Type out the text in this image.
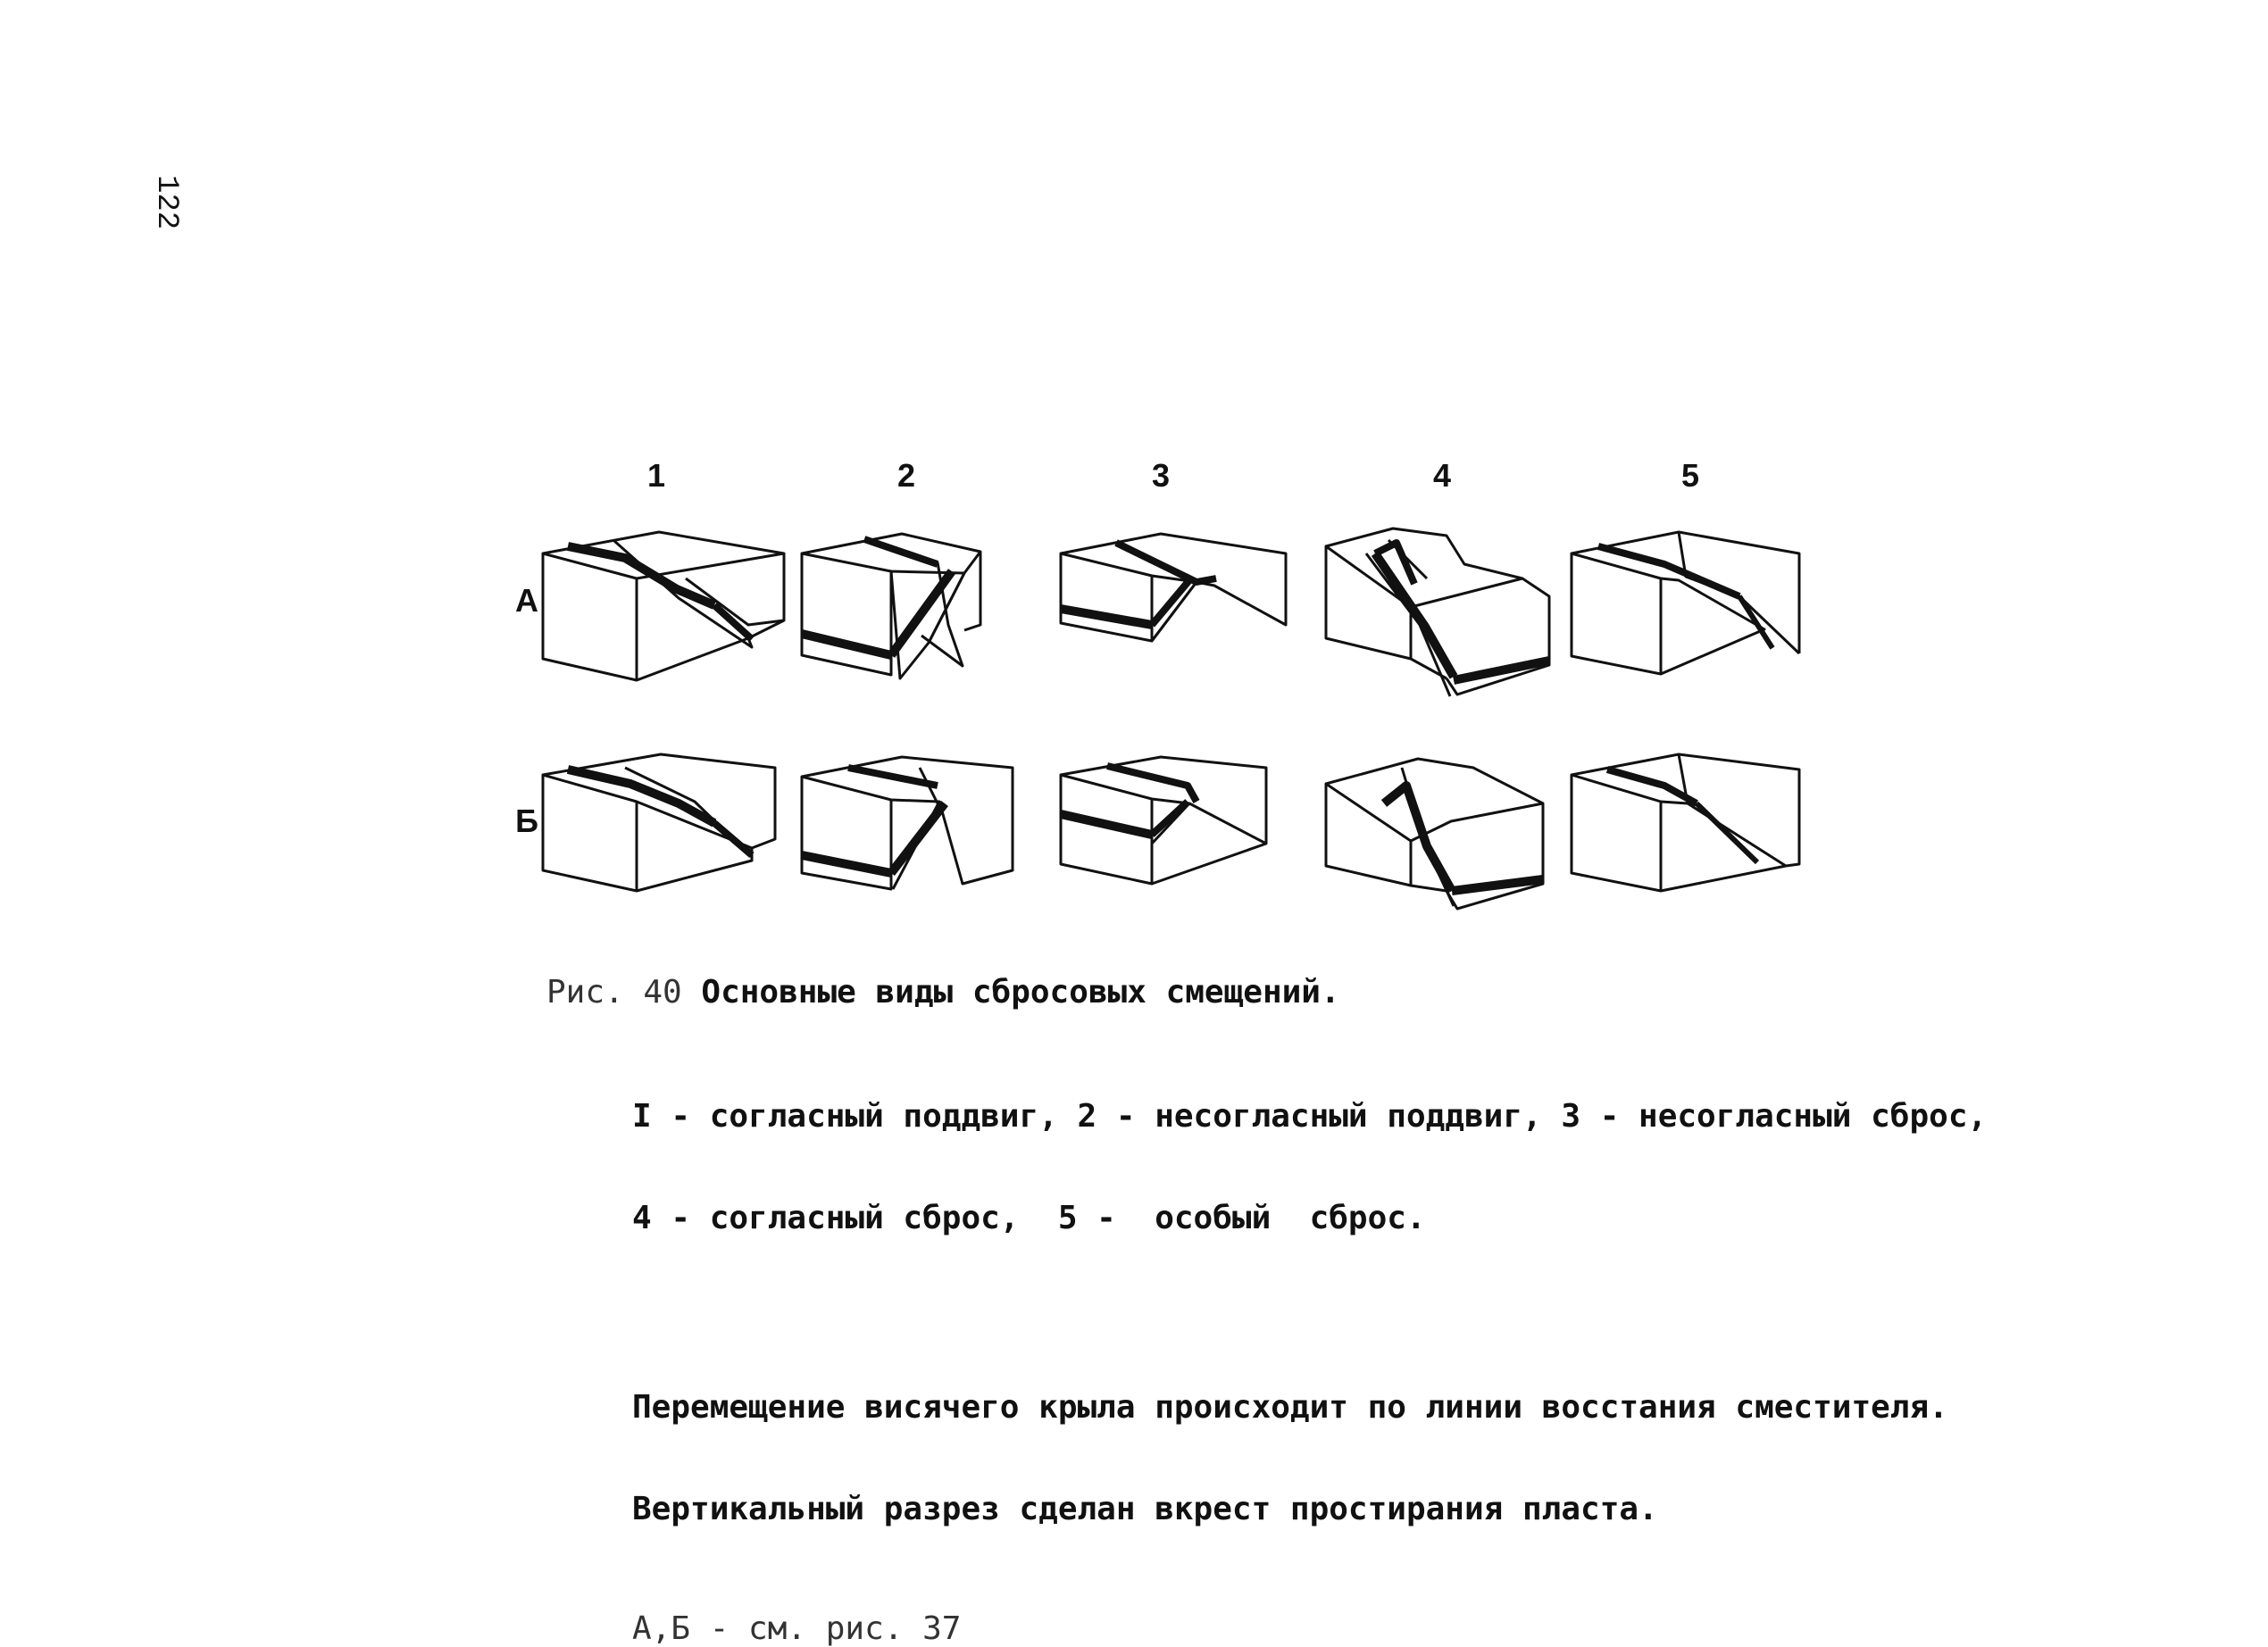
122
1	2	3	4	5
А
Б
Рис. 40 Основные виды сбросовых смещений.

I - согласный поддвиг, 2 - несогласный поддвиг, 3 - несогласный сброс,

4 - согласный сброс,  5 -  особый  сброс.

Перемещение висячего крыла происходит по линии восстания сместителя.

Вертикальный разрез сделан вкрест простирания пласта.

А,Б - см. рис. 37
